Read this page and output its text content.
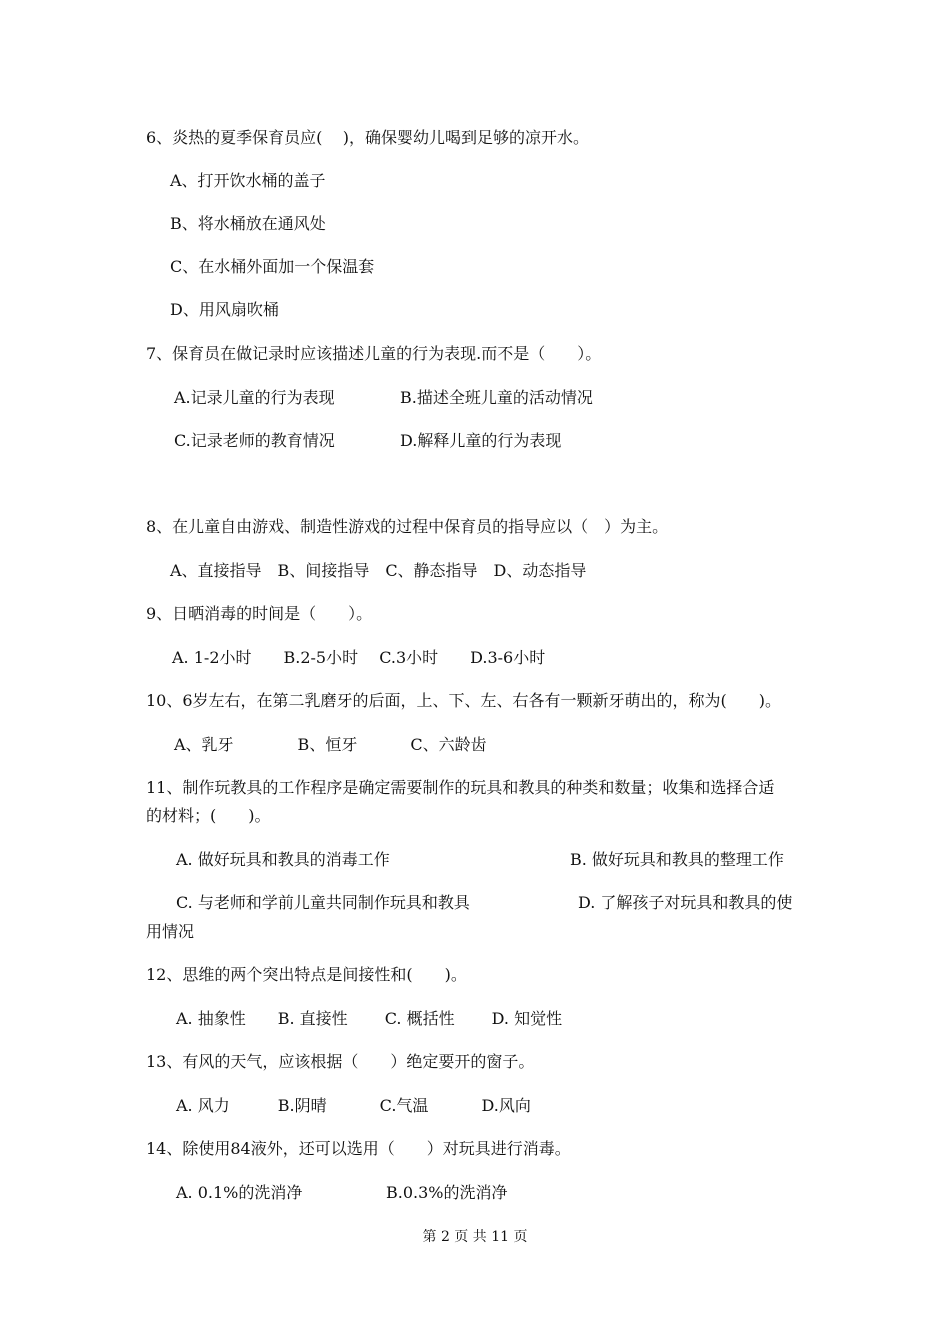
6、炎热的夏季保育员应(    )，确保婴幼儿喝到足够的凉开水。
A、打开饮水桶的盖子
B、将水桶放在通风处
C、在水桶外面加一个保温套
D、用风扇吹桶
7、保育员在做记录时应该描述儿童的行为表现.而不是（　　）。
A.记录儿童的行为表现	B.描述全班儿童的活动情况
C.记录老师的教育情况	D.解释儿童的行为表现
8、在儿童自由游戏、制造性游戏的过程中保育员的指导应以（　）为主。
A、直接指导　B、间接指导　C、静态指导　D、动态指导
9、日晒消毒的时间是（　　）。
A. 1-2小时　　B.2-5小时　 C.3小时　　D.3-6小时
10、6岁左右，在第二乳磨牙的后面，上、下、左、右各有一颗新牙萌出的，称为(　　)。
A、乳牙　　　　B、恒牙　　　 C、六龄齿
11、制作玩教具的工作程序是确定需要制作的玩具和教具的种类和数量；收集和选择合适
的材料；(　　)。
A. 做好玩具和教具的消毒工作	B. 做好玩具和教具的整理工作
C. 与老师和学前儿童共同制作玩具和教具	D. 了解孩子对玩具和教具的使
用情况
12、思维的两个突出特点是间接性和(　　)。
A. 抽象性　　B. 直接性　　 C. 概括性　　 D. 知觉性
13、有风的天气，应该根据（　　）绝定要开的窗子。
A. 风力　　　B.阴晴　　　 C.气温　　　 D.风向
14、除使用84液外，还可以选用（　　）对玩具进行消毒。
A. 0.1%的洗消净	B.0.3%的洗消净
第 2 页 共 11 页
